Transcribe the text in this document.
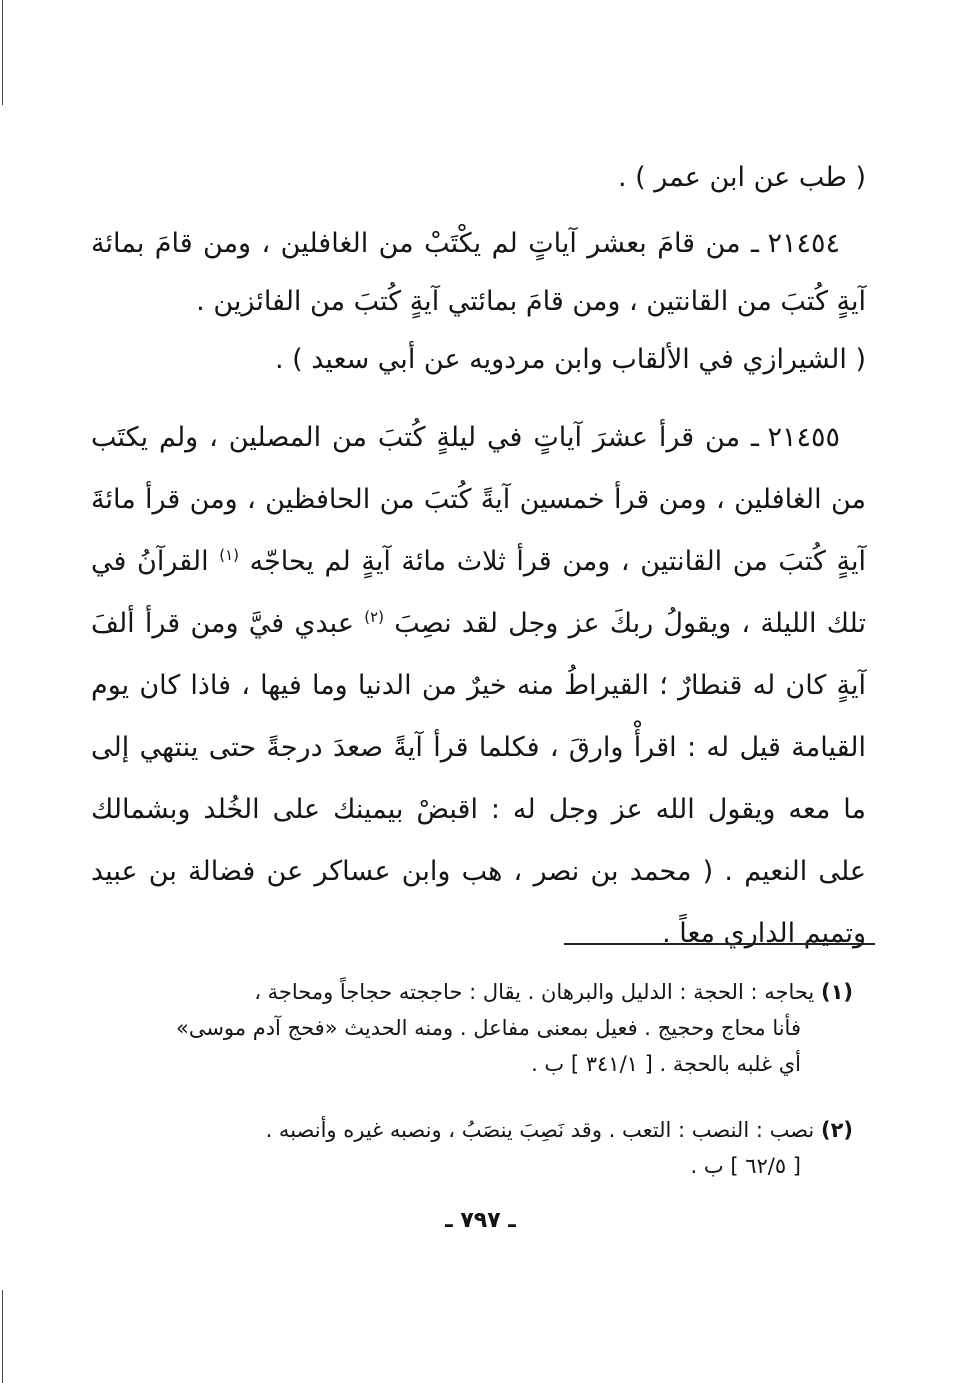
( طب عن ابن عمر ) .
٢١٤٥٤ ـ من قامَ بعشر آياتٍ لم يكْتَبْ من الغافلين ، ومن قامَ بمائة آيةٍ كُتبَ من القانتين ، ومن قامَ بمائتي آيةٍ كُتبَ من الفائزين .
( الشيرازي في الألقاب وابن مردويه عن أبي سعيد ) .
٢١٤٥٥ ـ من قرأ عشرَ آياتٍ في ليلةٍ كُتبَ من المصلين ، ولم يكتَب من الغافلين ، ومن قرأ خمسين آيةً كُتبَ من الحافظين ، ومن قرأ مائةَ آيةٍ كُتبَ من القانتين ، ومن قرأ ثلاث مائة آيةٍ لم يحاجّه $^{(١)}$ القرآنُ في تلك الليلة ، ويقولُ ربكَ عز وجل لقد نصِبَ $^{(٢)}$ عبدي فيَّ ومن قرأ ألفَ آيةٍ كان له قنطارٌ ؛ القيراطُ منه خيرٌ من الدنيا وما فيها ، فاذا كان يوم القيامة قيل له : اقرأْ وارقَ ، فكلما قرأ آيةً صعدَ درجةً حتى ينتهي إلى ما معه ويقول الله عز وجل له : اقبضْ بيمينك على الخُلد وبشمالك على النعيم . ( محمد بن نصر ، هب وابن عساكر عن فضالة بن عبيد وتميم الداري معاً .
(١) يحاجه : الحجة : الدليل والبرهان . يقال : حاججته حجاجاً ومحاجة ،
فأنا محاج وحجيج . فعيل بمعنى مفاعل . ومنه الحديث «فحج آدم موسى»
أي غلبه بالحجة . [ ٣٤١/١ ] ب .
(٢) نصب : النصب : التعب . وقد نَصِبَ ينصَبُ ، ونصبه غيره وأنصبه .
[ ٦٢/٥ ] ب .
ـ ٧٩٧ ـ
